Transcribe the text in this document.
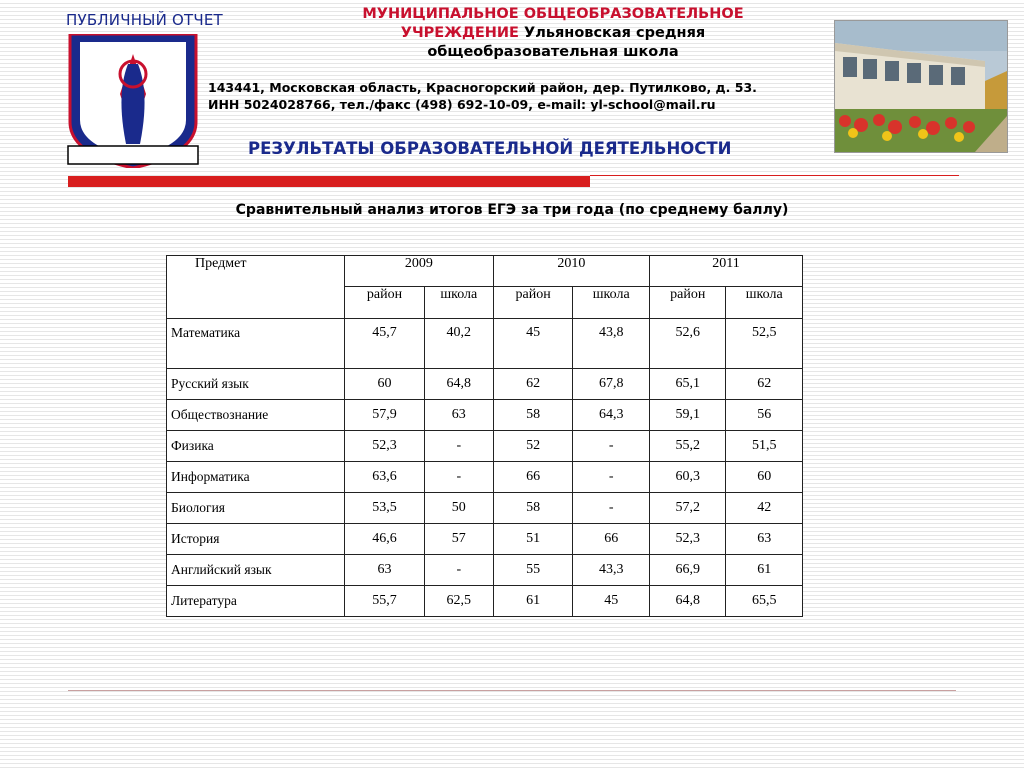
ПУБЛИЧНЫЙ ОТЧЕТ	МУНИЦИПАЛЬНОЕ ОБЩЕОБРАЗОВАТЕЛЬНОЕ
УЧРЕЖДЕНИЕ Ульяновская средняя
общеобразовательная школа
143441, Московская область, Красногорский район, дер. Путилково, д. 53.
ИНН 5024028766, тел./факс (498) 692-10-09, e-mail: yl-school@mail.ru
РЕЗУЛЬТАТЫ ОБРАЗОВАТЕЛЬНОЙ ДЕЯТЕЛЬНОСТИ
Сравнительный анализ итогов ЕГЭ за три года (по среднему баллу)
Предмет	2009		2010		2011	
	район	школа	район	школа	район	школа
Математика	45,7	40,2	45	43,8	52,6	52,5
Русский язык	60	64,8	62	67,8	65,1	62
Обществознание	57,9	63	58	64,3	59,1	56
Физика	52,3	-	52	-	55,2	51,5
Информатика	63,6	-	66	-	60,3	60
Биология	53,5	50	58	-	57,2	42
История	46,6	57	51	66	52,3	63
Английский язык	63	-	55	43,3	66,9	61
Литература	55,7	62,5	61	45	64,8	65,5
